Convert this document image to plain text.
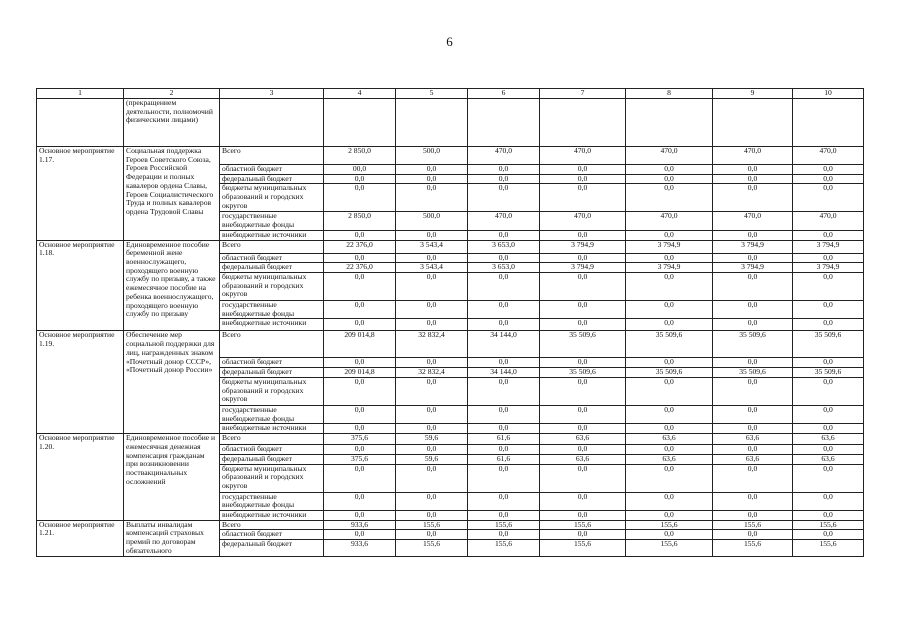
6
1	2	3	4	5	6	7	8	9	10
	(прекращением деятельности, полномочий физическими лицами)								
Основное мероприятие 1.17.	Социальная поддержка Героев Советского Союза, Героев Российской Федерации и полных кавалеров ордена Славы, Героев Социалистического Труда и полных кавалеров ордена Трудовой Славы	Всего	2 850,0	500,0	470,0	470,0	470,0	470,0	470,0
		областной бюджет	00,0	0,0	0,0	0,0	0,0	0,0	0,0
		федеральный бюджет	0,0	0,0	0,0	0,0	0,0	0,0	0,0
		бюджеты муниципальных образований и городских округов	0,0	0,0	0,0	0,0	0,0	0,0	0,0
		государственные внебюджетные фонды	2 850,0	500,0	470,0	470,0	470,0	470,0	470,0
		внебюджетные источники	0,0	0,0	0,0	0,0	0,0	0,0	0,0
Основное мероприятие 1.18.	Единовременное пособие беременной жене военнослужащего, проходящего военную службу по призыву, а также ежемесячное пособие на ребенка военнослужащего, проходящего военную службу по призыву	Всего	22 376,0	3 543,4	3 653,0	3 794,9	3 794,9	3 794,9	3 794,9
		областной бюджет	0,0	0,0	0,0	0,0	0,0	0,0	0,0
		федеральный бюджет	22 376,0	3 543,4	3 653,0	3 794,9	3 794,9	3 794,9	3 794,9
		бюджеты муниципальных образований и городских округов	0,0	0,0	0,0	0,0	0,0	0,0	0,0
		государственные внебюджетные фонды	0,0	0,0	0,0	0,0	0,0	0,0	0,0
		внебюджетные источники	0,0	0,0	0,0	0,0	0,0	0,0	0,0
Основное мероприятие 1.19.	Обеспечение мер социальной поддержки для лиц, награжденных знаком «Почетный донор СССР», «Почетный донор России»	Всего	209 014,8	32 832,4	34 144,0	35 509,6	35 509,6	35 509,6	35 509,6
		областной бюджет	0,0	0,0	0,0	0,0	0,0	0,0	0,0
		федеральный бюджет	209 014,8	32 832,4	34 144,0	35 509,6	35 509,6	35 509,6	35 509,6
		бюджеты муниципальных образований и городских округов	0,0	0,0	0,0	0,0	0,0	0,0	0,0
		государственные внебюджетные фонды	0,0	0,0	0,0	0,0	0,0	0,0	0,0
		внебюджетные источники	0,0	0,0	0,0	0,0	0,0	0,0	0,0
Основное мероприятие 1.20.	Единовременное пособие и ежемесячная денежная компенсация гражданам при возникновении поствакцинальных осложнений	Всего	375,6	59,6	61,6	63,6	63,6	63,6	63,6
		областной бюджет	0,0	0,0	0,0	0,0	0,0	0,0	0,0
		федеральный бюджет	375,6	59,6	61,6	63,6	63,6	63,6	63,6
		бюджеты муниципальных образований и городских округов	0,0	0,0	0,0	0,0	0,0	0,0	0,0
		государственные внебюджетные фонды	0,0	0,0	0,0	0,0	0,0	0,0	0,0
		внебюджетные источники	0,0	0,0	0,0	0,0	0,0	0,0	0,0
Основное мероприятие 1.21.	Выплаты инвалидам компенсаций страховых премий по договорам обязательного	Всего	933,6	155,6	155,6	155,6	155,6	155,6	155,6
		областной бюджет	0,0	0,0	0,0	0,0	0,0	0,0	0,0
		федеральный бюджет	933,6	155,6	155,6	155,6	155,6	155,6	155,6
